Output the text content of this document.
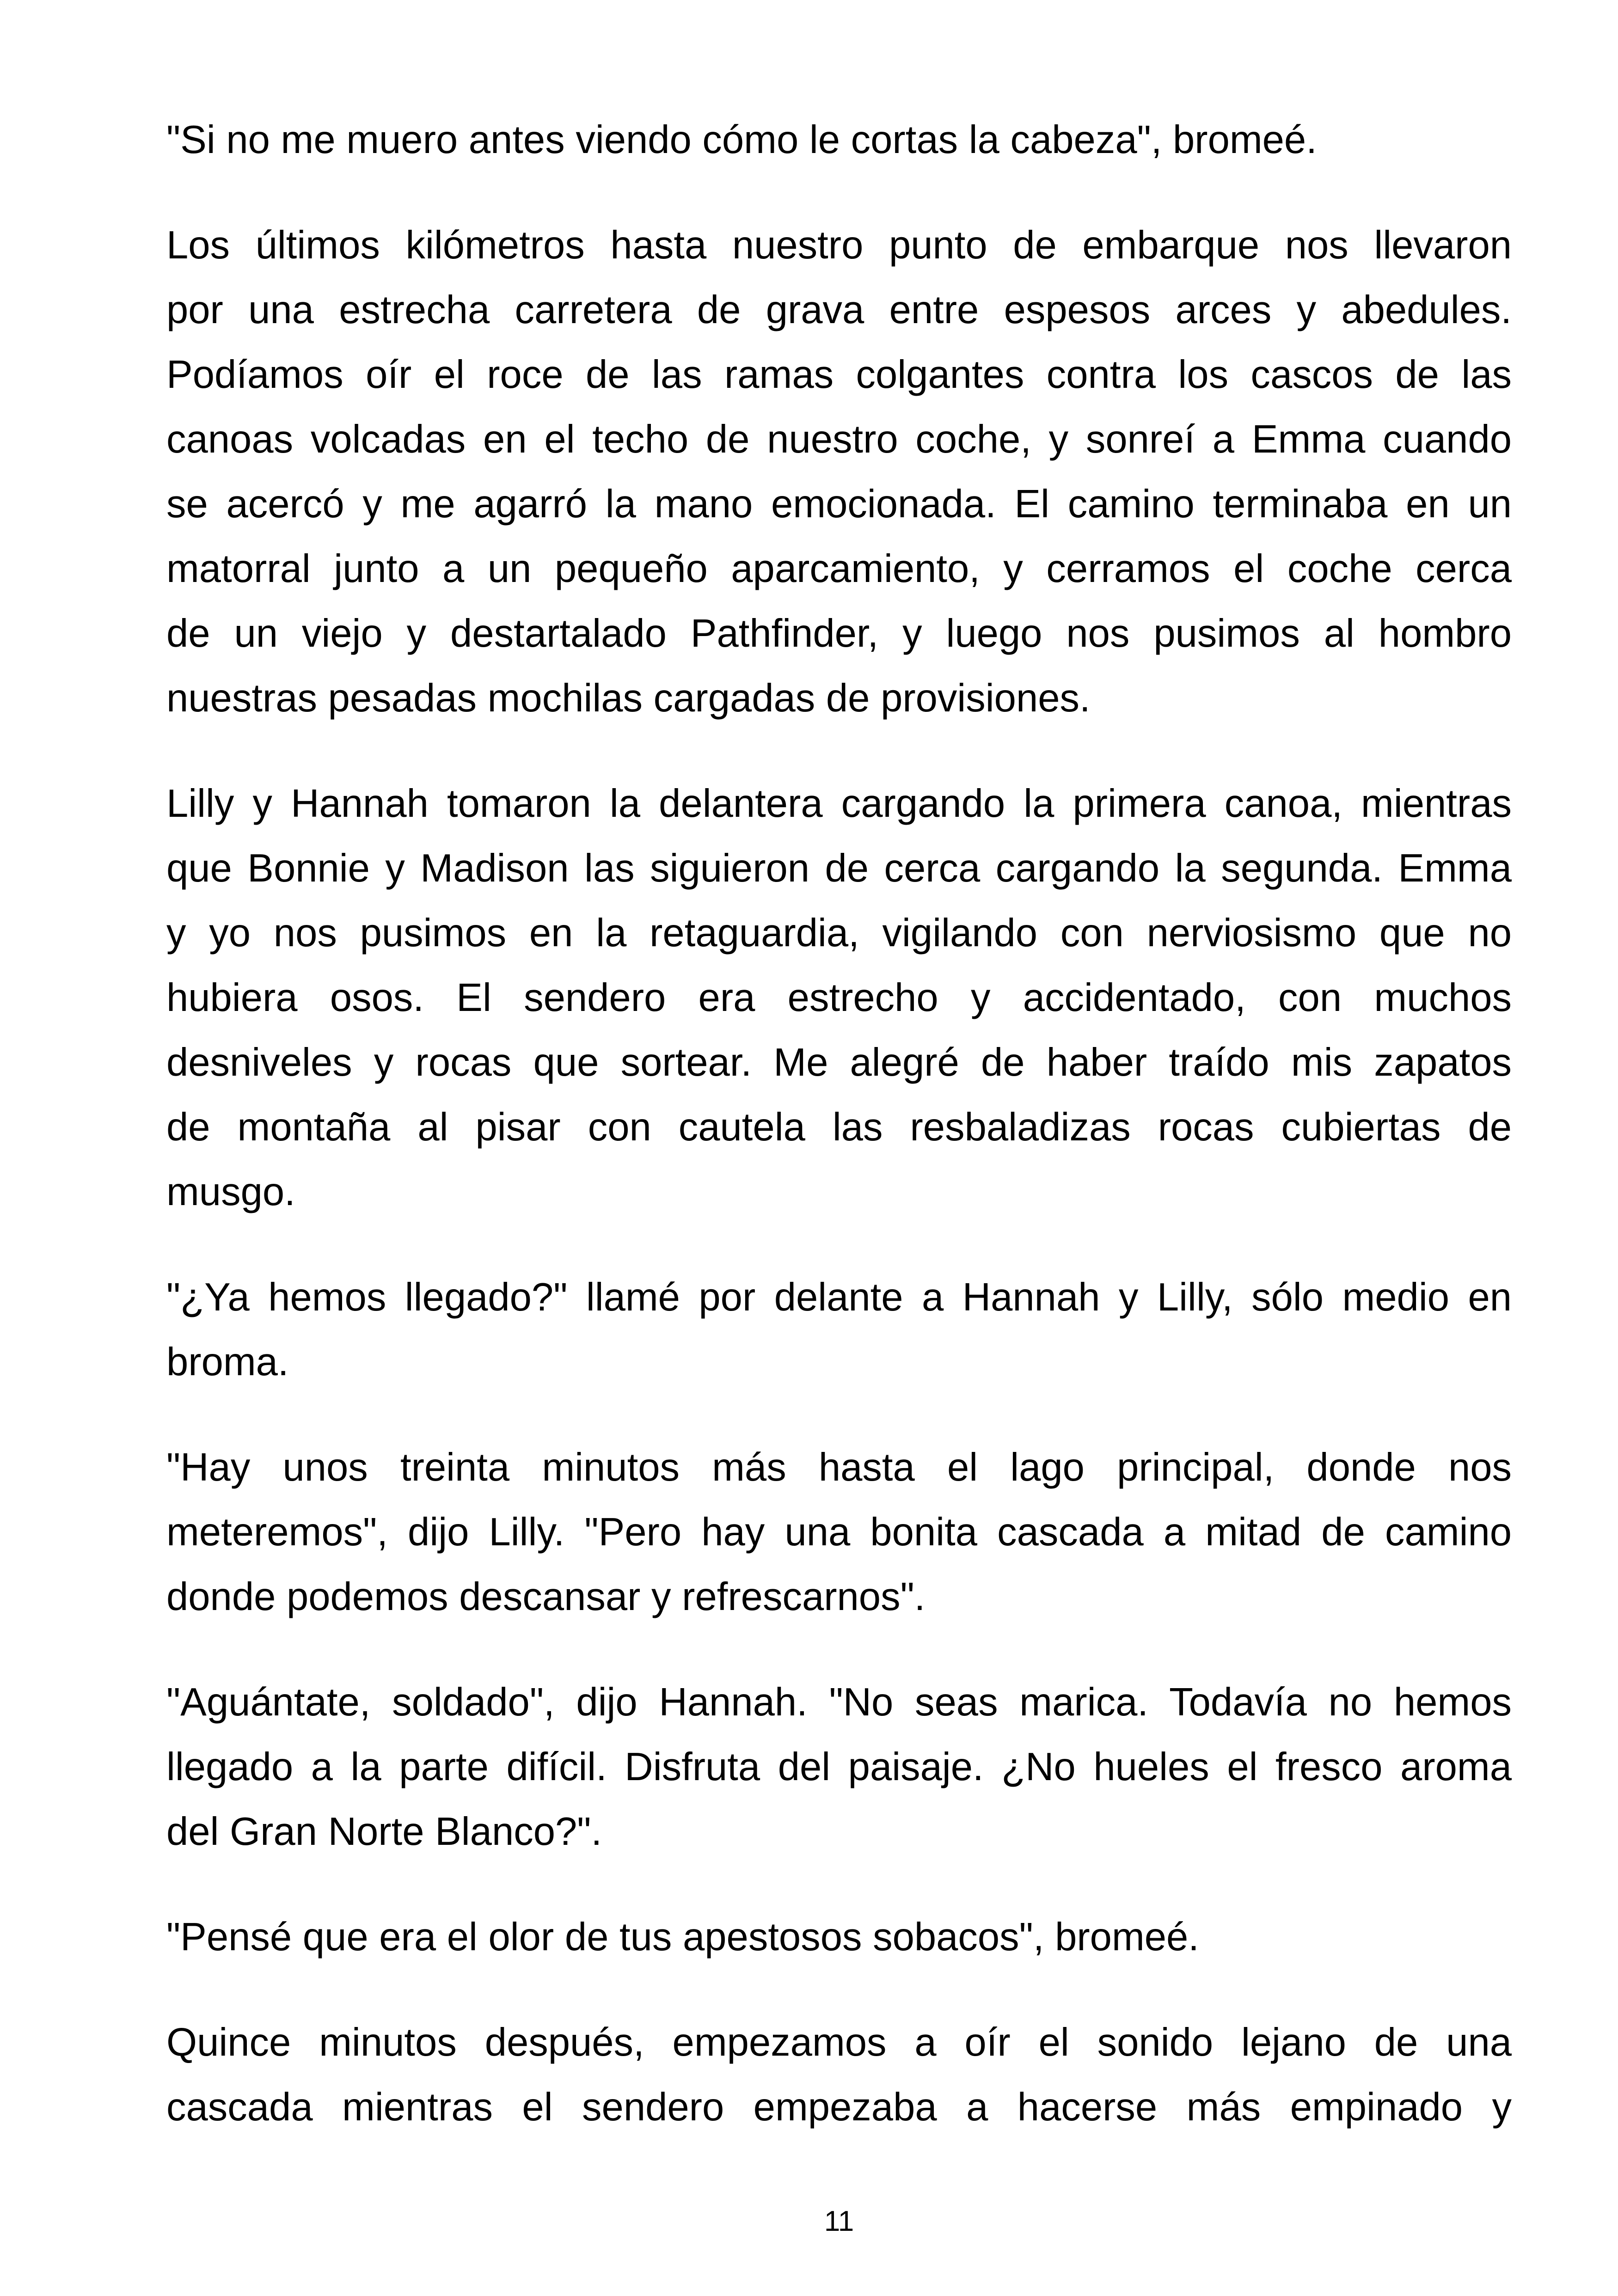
"Si no me muero antes viendo cómo le cortas la cabeza", bromeé.
Los últimos kilómetros hasta nuestro punto de embarque nos llevaron
por una estrecha carretera de grava entre espesos arces y abedules.
Podíamos oír el roce de las ramas colgantes contra los cascos de las
canoas volcadas en el techo de nuestro coche, y sonreí a Emma cuando
se acercó y me agarró la mano emocionada. El camino terminaba en un
matorral junto a un pequeño aparcamiento, y cerramos el coche cerca
de un viejo y destartalado Pathfinder, y luego nos pusimos al hombro
nuestras pesadas mochilas cargadas de provisiones.
Lilly y Hannah tomaron la delantera cargando la primera canoa, mientras
que Bonnie y Madison las siguieron de cerca cargando la segunda. Emma
y yo nos pusimos en la retaguardia, vigilando con nerviosismo que no
hubiera osos. El sendero era estrecho y accidentado, con muchos
desniveles y rocas que sortear. Me alegré de haber traído mis zapatos
de montaña al pisar con cautela las resbaladizas rocas cubiertas de
musgo.
"¿Ya hemos llegado?" llamé por delante a Hannah y Lilly, sólo medio en
broma.
"Hay unos treinta minutos más hasta el lago principal, donde nos
meteremos", dijo Lilly. "Pero hay una bonita cascada a mitad de camino
donde podemos descansar y refrescarnos".
"Aguántate, soldado", dijo Hannah. "No seas marica. Todavía no hemos
llegado a la parte difícil. Disfruta del paisaje. ¿No hueles el fresco aroma
del Gran Norte Blanco?".
"Pensé que era el olor de tus apestosos sobacos", bromeé.
Quince minutos después, empezamos a oír el sonido lejano de una
cascada mientras el sendero empezaba a hacerse más empinado y
11
